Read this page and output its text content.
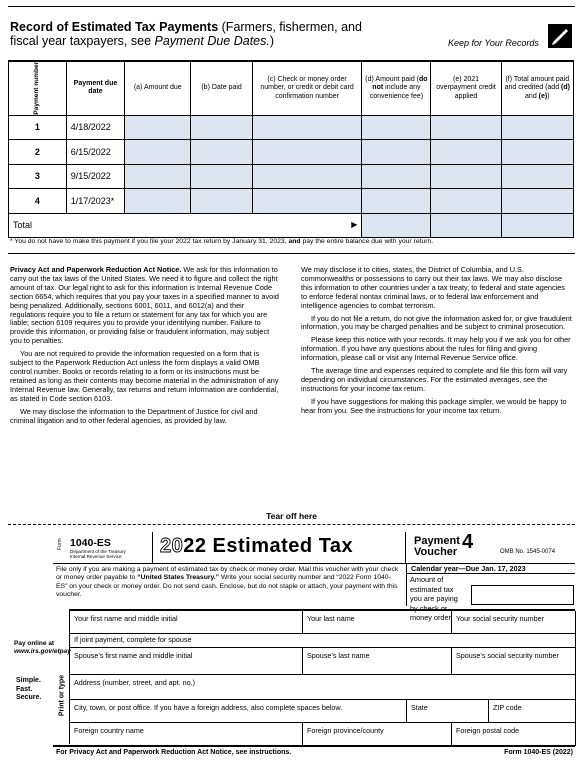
Record of Estimated Tax Payments (Farmers, fishermen, and fiscal year taxpayers, see Payment Due Dates.)	Keep for Your Records
Payment number	Payment due date	(a) Amount due	(b) Date paid	(c) Check or money order number, or credit or debit card confirmation number	(d) Amount paid (do not include any convenience fee)	(e) 2021 overpayment credit applied	(f) Total amount paid and credited (add (d) and (e))
1	4/18/2022						
2	6/15/2022						
3	9/15/2022						
4	1/17/2023*						
Total ▶							

* You do not have to make this payment if you file your 2022 tax return by January 31, 2023, and pay the entire balance due with your return.

Privacy Act and Paperwork Reduction Act Notice. We ask for this information to carry out the tax laws of the United States. We need it to figure and collect the right amount of tax. Our legal right to ask for this information is Internal Revenue Code section 6654, which requires that you pay your taxes in a specified manner to avoid being penalized. Additionally, sections 6001, 6011, and 6012(a) and their regulations require you to file a return or statement for any tax for which you are liable; section 6109 requires you to provide your identifying number. Failure to provide this information, or providing false or fraudulent information, may subject you to penalties.

You are not required to provide the information requested on a form that is subject to the Paperwork Reduction Act unless the form displays a valid OMB control number. Books or records relating to a form or its instructions must be retained as long as their contents may become material in the administration of any Internal Revenue law. Generally, tax returns and return information are confidential, as stated in Code section 6103.

We may disclose the information to the Department of Justice for civil and criminal litigation and to other federal agencies, as provided by law.

We may disclose it to cities, states, the District of Columbia, and U.S. commonwealths or possessions to carry out their tax laws. We may also disclose this information to other countries under a tax treaty, to federal and state agencies to enforce federal nontax criminal laws, or to federal law enforcement and intelligence agencies to combat terrorism.

If you do not file a return, do not give the information asked for, or give fraudulent information, you may be charged penalties and be subject to criminal prosecution.

Please keep this notice with your records. It may help you if we ask you for other information. If you have any questions about the rules for filing and giving information, please call or visit any Internal Revenue Service office.

The average time and expenses required to complete and file this form will vary depending on individual circumstances. For the estimated averages, see the instructions for your income tax return.

If you have suggestions for making this package simpler, we would be happy to hear from you. See the instructions for your income tax return.

Tear off here
Form 1040-ES
Department of the Treasury
Internal Revenue Service 2022 Estimated Tax	Payment
Voucher 4	OMB No. 1545-0074
File only if you are making a payment of estimated tax by check or money order. Mail this voucher with your check or money order payable to “United States Treasury.” Write your social security number and “2022 Form 1040-ES” on your check or money order. Do not send cash. Enclose, but do not staple or attach, your payment with this voucher.
Calendar year—Due Jan. 17, 2023
Amount of estimated tax you are paying by check or money order.
Pay online at
www.irs.gov/etpay
Simple.
Fast.
Secure. Print or type
Your first name and middle initial	Your last name	Your social security number
If joint payment, complete for spouse
Spouse’s first name and middle initial	Spouse’s last name	Spouse’s social security number
Address (number, street, and apt. no.)
City, town, or post office. If you have a foreign address, also complete spaces below.	State	ZIP code
Foreign country name	Foreign province/county	Foreign postal code
For Privacy Act and Paperwork Reduction Act Notice, see instructions.	Form 1040-ES (2022)
